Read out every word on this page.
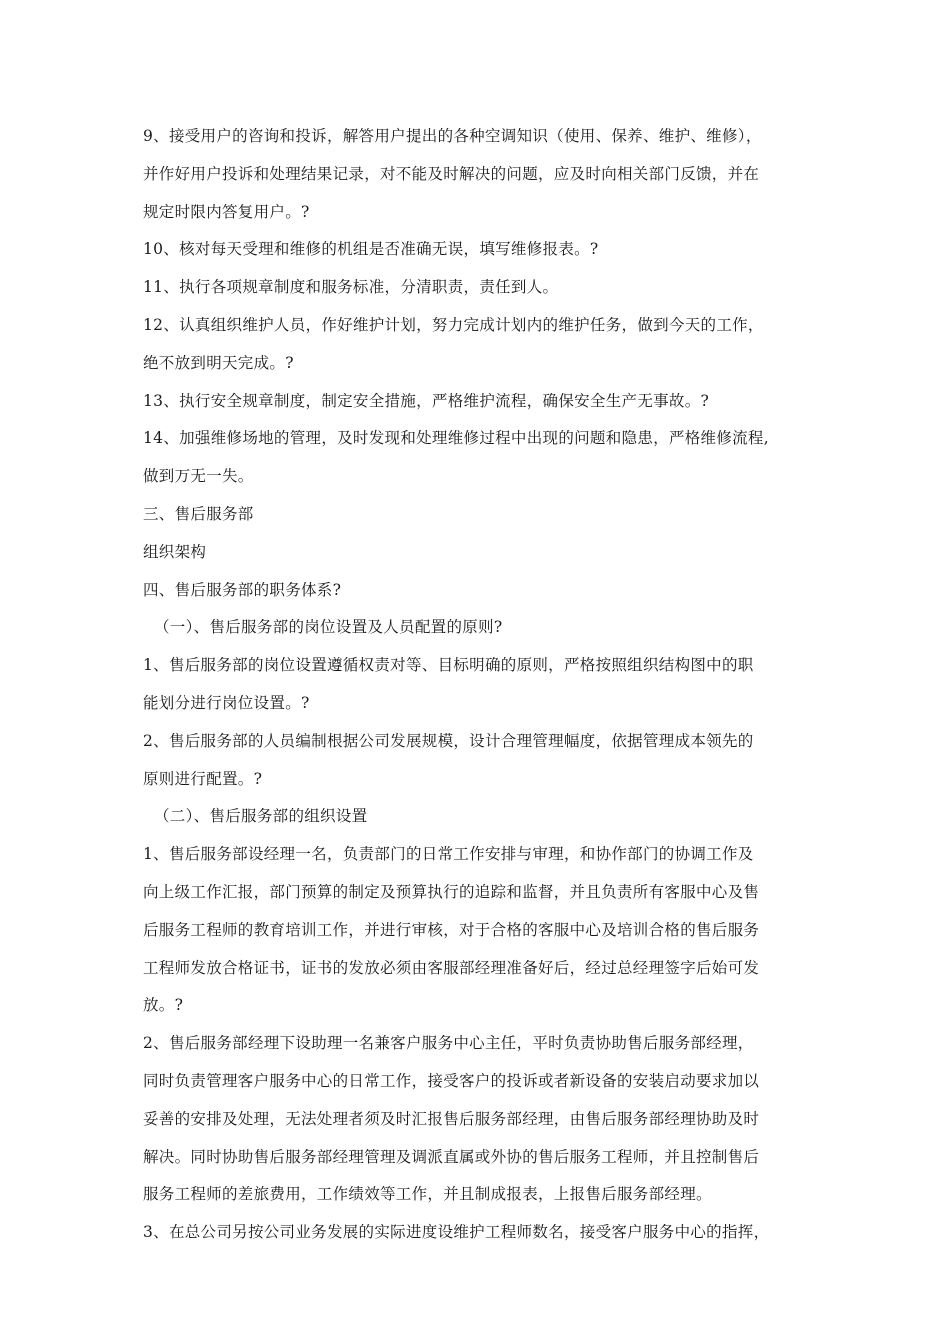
9、接受用户的咨询和投诉，解答用户提出的各种空调知识（使用、保养、维护、维修），
并作好用户投诉和处理结果记录，对不能及时解决的问题，应及时向相关部门反馈，并在
规定时限内答复用户。?
10、核对每天受理和维修的机组是否准确无误，填写维修报表。?
11、执行各项规章制度和服务标准，分清职责，责任到人。
12、认真组织维护人员，作好维护计划，努力完成计划内的维护任务，做到今天的工作，
绝不放到明天完成。?
13、执行安全规章制度，制定安全措施，严格维护流程，确保安全生产无事故。?
14、加强维修场地的管理，及时发现和处理维修过程中出现的问题和隐患，严格维修流程,
做到万无一失。
三、售后服务部
组织架构
四、售后服务部的职务体系?
（一）、售后服务部的岗位设置及人员配置的原则?
1、售后服务部的岗位设置遵循权责对等、目标明确的原则，严格按照组织结构图中的职
能划分进行岗位设置。?
2、售后服务部的人员编制根据公司发展规模，设计合理管理幅度，依据管理成本领先的
原则进行配置。?
（二）、售后服务部的组织设置
1、售后服务部设经理一名，负责部门的日常工作安排与审理，和协作部门的协调工作及
向上级工作汇报，部门预算的制定及预算执行的追踪和监督，并且负责所有客服中心及售
后服务工程师的教育培训工作，并进行审核，对于合格的客服中心及培训合格的售后服务
工程师发放合格证书，证书的发放必须由客服部经理准备好后，经过总经理签字后始可发
放。?
2、售后服务部经理下设助理一名兼客户服务中心主任，平时负责协助售后服务部经理，
同时负责管理客户服务中心的日常工作，接受客户的投诉或者新设备的安装启动要求加以
妥善的安排及处理，无法处理者须及时汇报售后服务部经理，由售后服务部经理协助及时
解决。同时协助售后服务部经理管理及调派直属或外协的售后服务工程师，并且控制售后
服务工程师的差旅费用，工作绩效等工作，并且制成报表，上报售后服务部经理。
3、在总公司另按公司业务发展的实际进度设维护工程师数名，接受客户服务中心的指挥，
